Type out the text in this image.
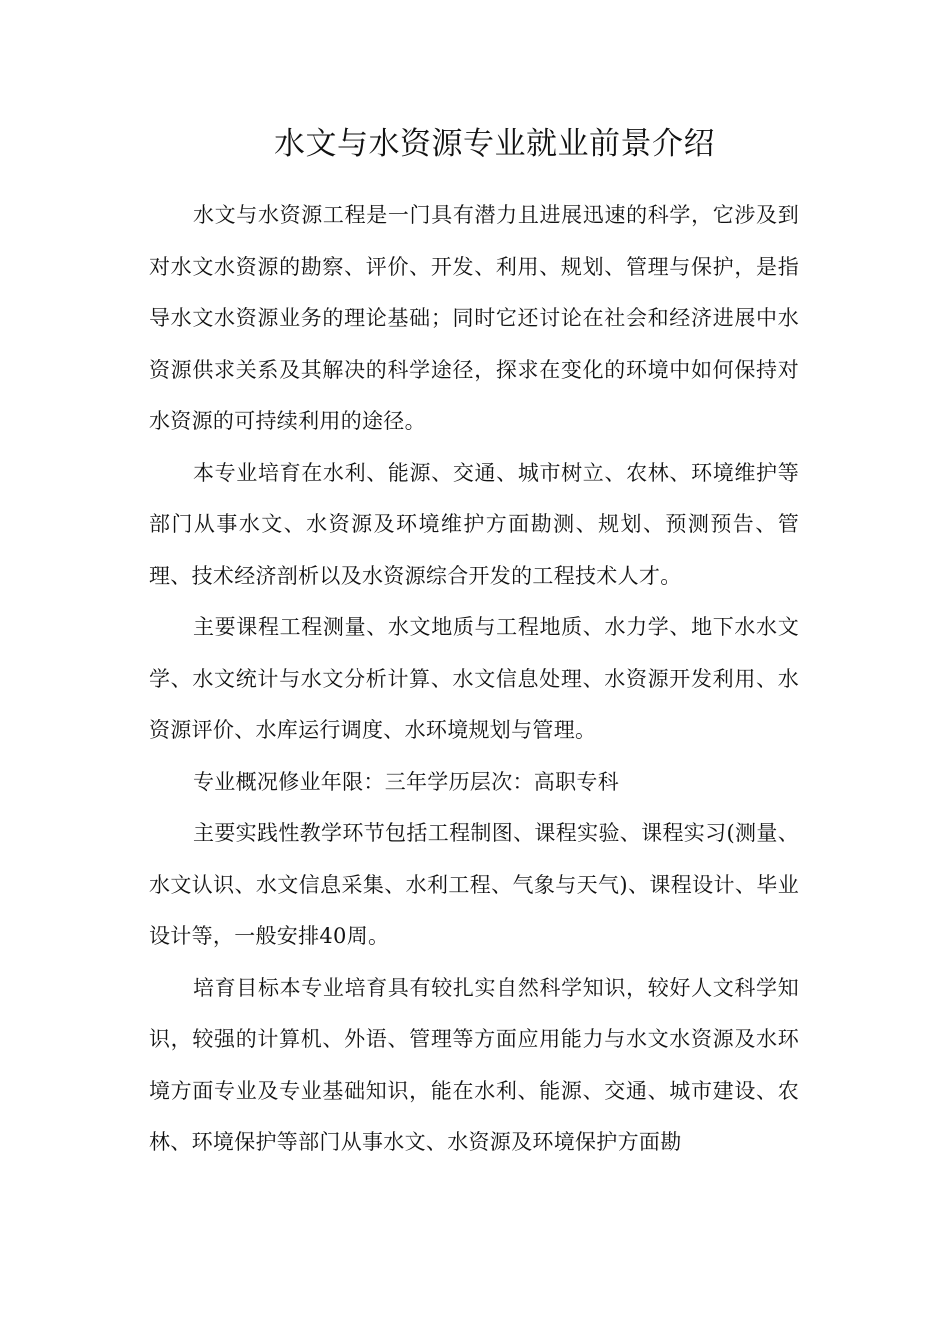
水文与水资源专业就业前景介绍

水文与水资源工程是一门具有潜力且进展迅速的科学，它涉及到对水文水资源的勘察、评价、开发、利用、规划、管理与保护，是指导水文水资源业务的理论基础；同时它还讨论在社会和经济进展中水资源供求关系及其解决的科学途径，探求在变化的环境中如何保持对水资源的可持续利用的途径。

本专业培育在水利、能源、交通、城市树立、农林、环境维护等部门从事水文、水资源及环境维护方面勘测、规划、预测预告、管理、技术经济剖析以及水资源综合开发的工程技术人才。

主要课程工程测量、水文地质与工程地质、水力学、地下水水文学、水文统计与水文分析计算、水文信息处理、水资源开发利用、水资源评价、水库运行调度、水环境规划与管理。

专业概况修业年限：三年学历层次：高职专科

主要实践性教学环节包括工程制图、课程实验、课程实习(测量、水文认识、水文信息采集、水利工程、气象与天气)、课程设计、毕业设计等，一般安排40周。

培育目标本专业培育具有较扎实自然科学知识，较好人文科学知识，较强的计算机、外语、管理等方面应用能力与水文水资源及水环境方面专业及专业基础知识，能在水利、能源、交通、城市建设、农林、环境保护等部门从事水文、水资源及环境保护方面勘
